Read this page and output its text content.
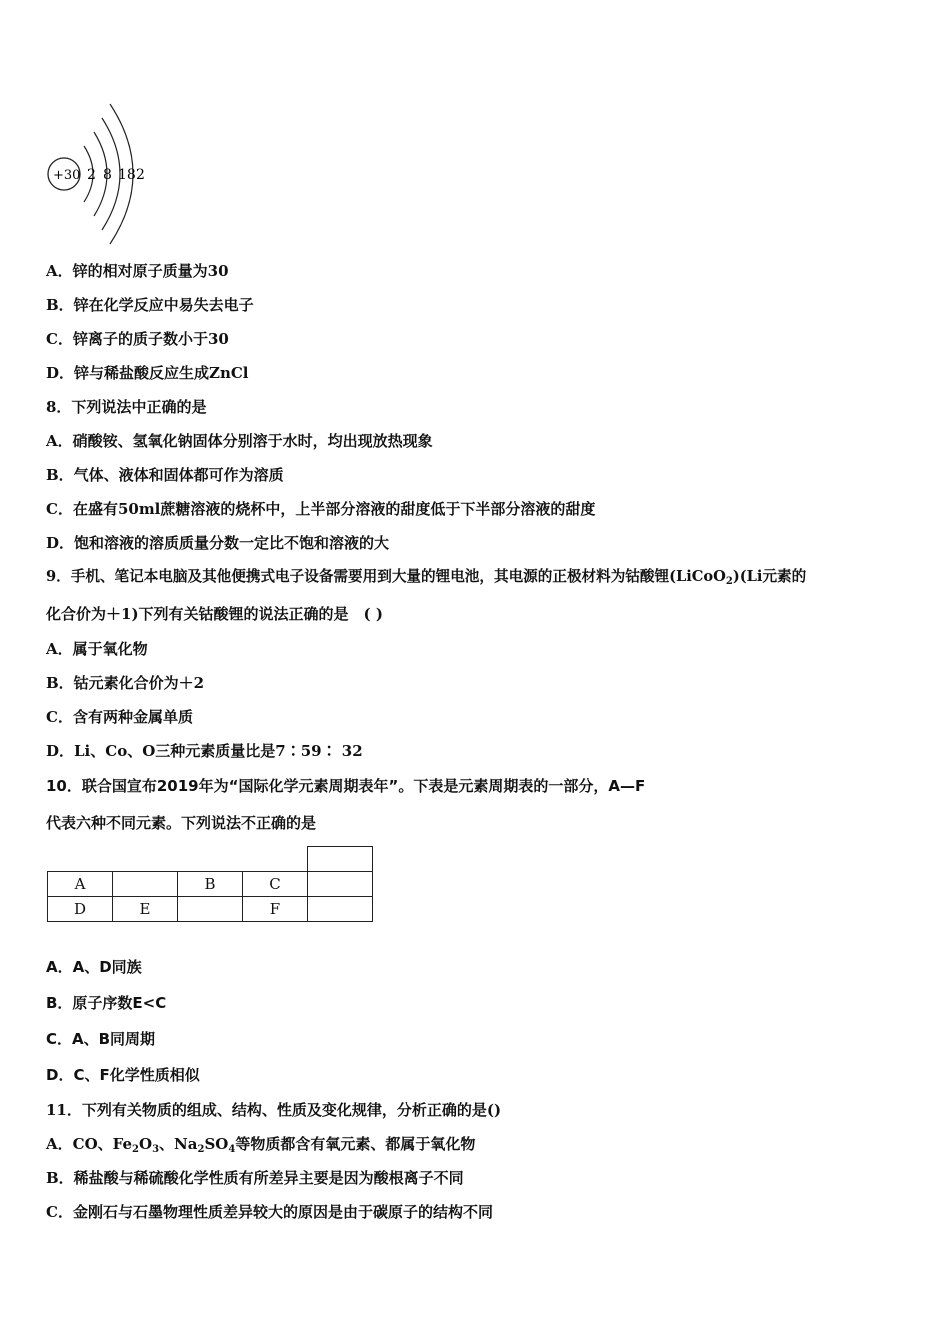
+30 2 8 18 2
A．锌的相对原子质量为30
B．锌在化学反应中易失去电子
C．锌离子的质子数小于30
D．锌与稀盐酸反应生成ZnCl
8．下列说法中正确的是
A．硝酸铵、氢氧化钠固体分别溶于水时，均出现放热现象
B．气体、液体和固体都可作为溶质
C．在盛有50ml蔗糖溶液的烧杯中，上半部分溶液的甜度低于下半部分溶液的甜度
D．饱和溶液的溶质质量分数一定比不饱和溶液的大
9．手机、笔记本电脑及其他便携式电子设备需要用到大量的锂电池，其电源的正极材料为钴酸锂(LiCoO$_2$)(Li元素的
化合价为＋1)下列有关钴酸锂的说法正确的是　( )
A．属于氧化物
B．钴元素化合价为＋2
C．含有两种金属单质
D．Li、Co、O三种元素质量比是7∶59∶ 32
10．联合国宣布2019年为“国际化学元素周期表年”。下表是元素周期表的一部分，A—F
代表六种不同元素。下列说法不正确的是

A		B	C	
D	E		F	
A．A、D同族
B．原子序数E<C
C．A、B同周期
D．C、F化学性质相似
11．下列有关物质的组成、结构、性质及变化规律，分析正确的是()
A．CO、$Fe_2O_3$、$Na_2SO_4$等物质都含有氧元素、都属于氧化物
B．稀盐酸与稀硫酸化学性质有所差异主要是因为酸根离子不同
C．金刚石与石墨物理性质差异较大的原因是由于碳原子的结构不同
